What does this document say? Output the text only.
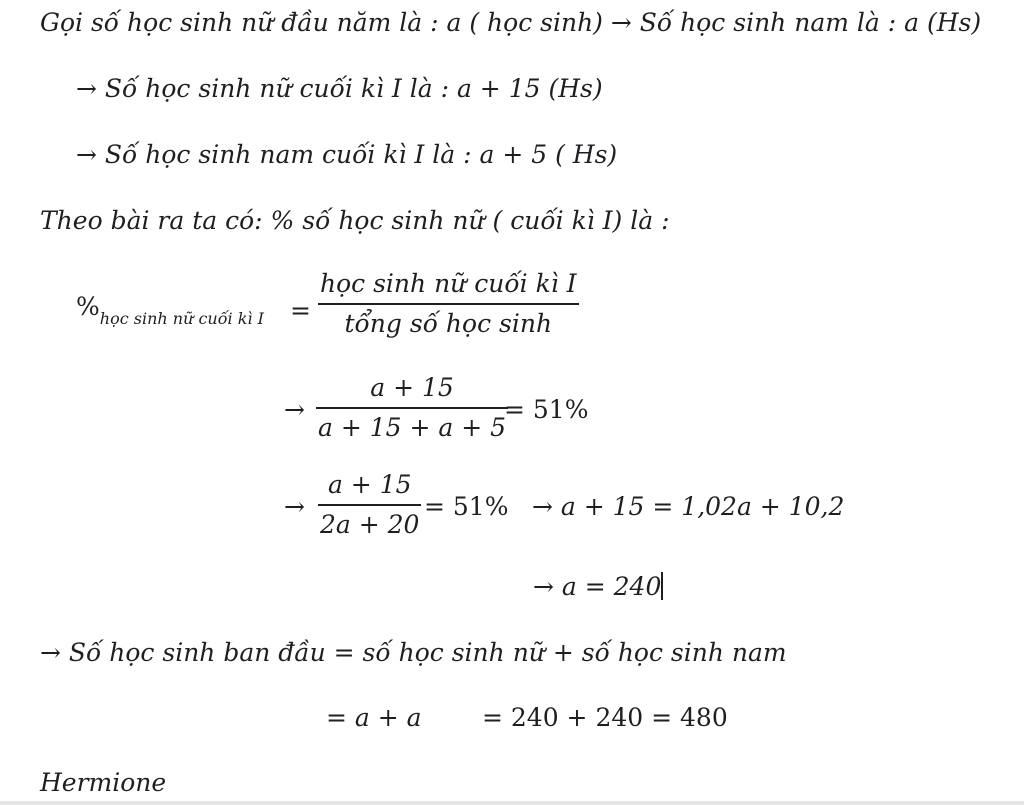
Gọi số học sinh nữ đầu năm là : a ( học sinh) → Số học sinh nam là : a (Hs)
→ Số học sinh nữ cuối kì I là : a + 15 (Hs)
→ Số học sinh nam cuối kì I là : a + 5 ( Hs)
Theo bài ra ta có: % số học sinh nữ ( cuối kì I) là :
$\%_{học sinh nữ cuối kì I}$ =
học sinh nữ cuối kì I
tổng số học sinh
→
a + 15
a + 15 + a + 5
= 51%
→
a + 15
2a + 20
= 51% → a + 15 = 1,02a + 10,2
→ a = 240
→ Số học sinh ban đầu = số học sinh nữ + số học sinh nam
= a + a = 240 + 240 = 480
Hermione
